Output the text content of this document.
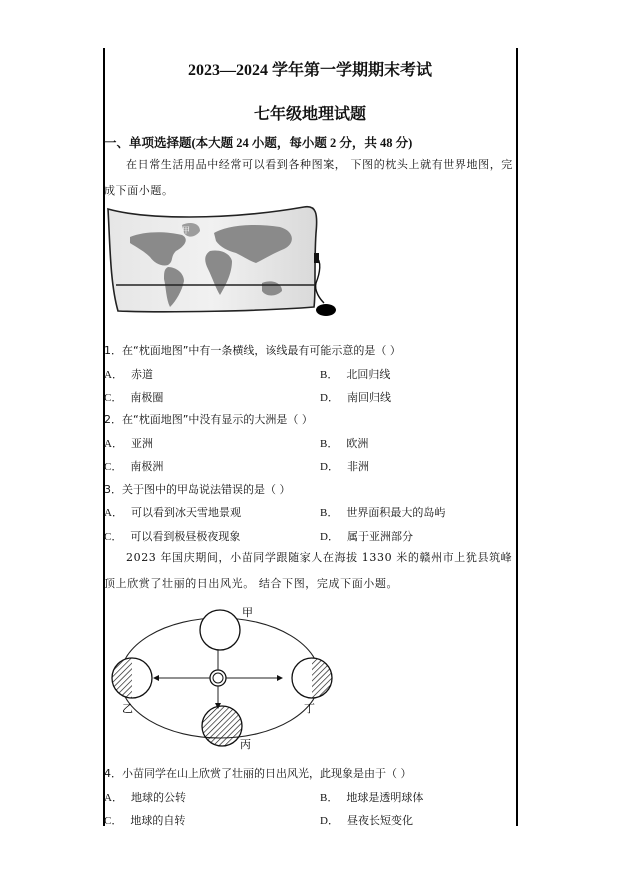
2023—2024 学年第一学期期末考试
七年级地理试题
一、单项选择题(本大题 24 小题，每小题 2 分，共 48 分)
在日常生活用品中经常可以看到各种图案， 下图的枕头上就有世界地图，完成下面小题。
甲
1．在“枕面地图”中有一条横线，该线最有可能示意的是（ ）
A． 赤道	B． 北回归线
C． 南极圈	D． 南回归线
2．在“枕面地图”中没有显示的大洲是（ ）
A． 亚洲	B． 欧洲
C． 南极洲	D． 非洲
3．关于图中的甲岛说法错误的是（ ）
A． 可以看到冰天雪地景观	B． 世界面积最大的岛屿
C． 可以看到极昼极夜现象	D． 属于亚洲部分
2023 年国庆期间，小苗同学跟随家人在海拔 1330 米的赣州市上犹县筑峰顶上欣赏了壮丽的日出风光。 结合下图，完成下面小题。
甲
乙
丙
丁
4．小苗同学在山上欣赏了壮丽的日出风光，此现象是由于（ ）
A． 地球的公转	B． 地球是透明球体
C． 地球的自转	D． 昼夜长短变化
